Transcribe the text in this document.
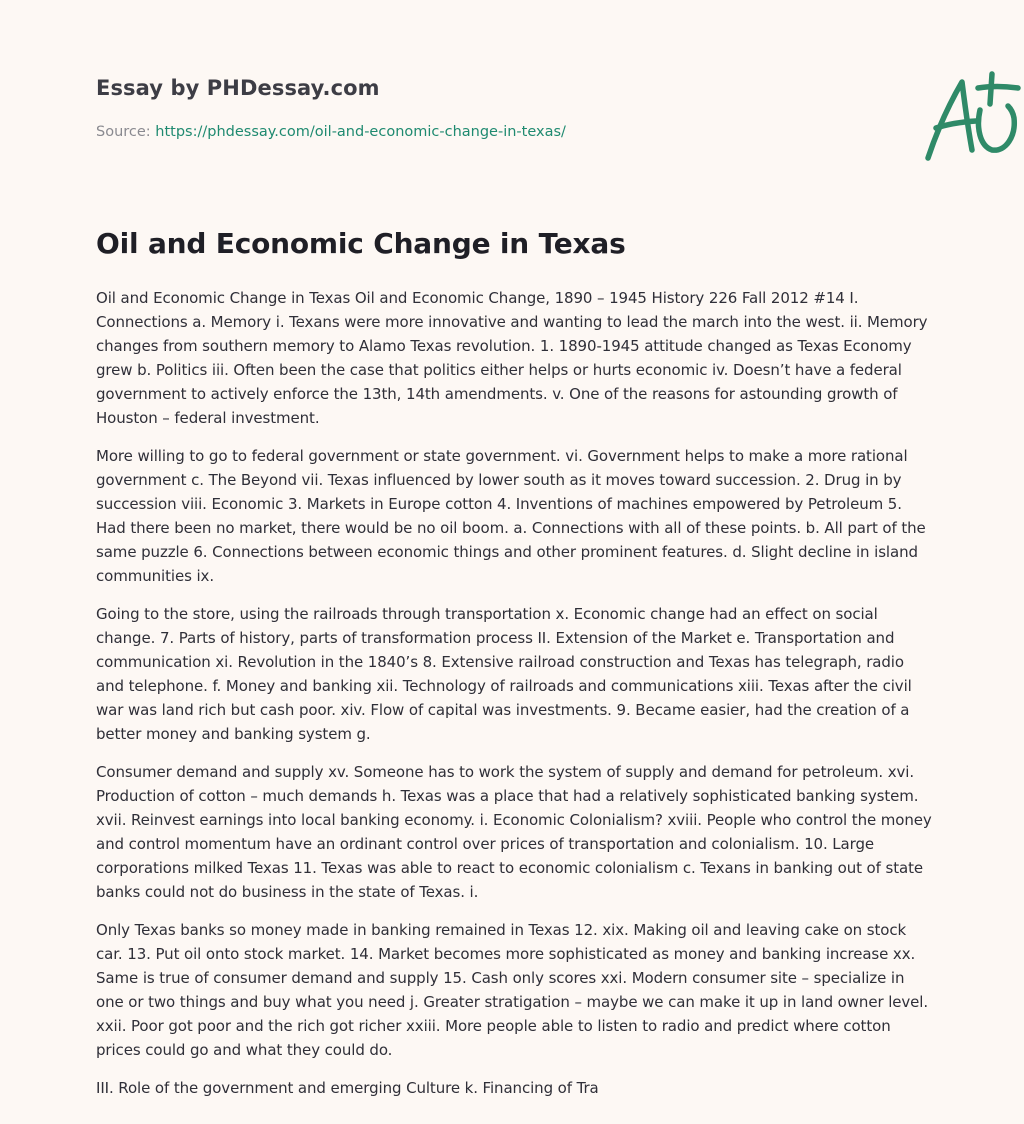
Essay by PHDessay.com
Source: https://phdessay.com/oil-and-economic-change-in-texas/
Oil and Economic Change in Texas

Oil and Economic Change in Texas Oil and Economic Change, 1890 – 1945 History 226 Fall 2012 #14 I. Connections a. Memory i. Texans were more innovative and wanting to lead the march into the west. ii. Memory changes from southern memory to Alamo Texas revolution. 1. 1890-1945 attitude changed as Texas Economy grew b. Politics iii. Often been the case that politics either helps or hurts economic iv. Doesn’t have a federal government to actively enforce the 13th, 14th amendments. v. One of the reasons for astounding growth of Houston – federal investment.

More willing to go to federal government or state government. vi. Government helps to make a more rational government c. The Beyond vii. Texas influenced by lower south as it moves toward succession. 2. Drug in by succession viii. Economic 3. Markets in Europe cotton 4. Inventions of machines empowered by Petroleum 5. Had there been no market, there would be no oil boom. a. Connections with all of these points. b. All part of the same puzzle 6. Connections between economic things and other prominent features. d. Slight decline in island communities ix.

Going to the store, using the railroads through transportation x. Economic change had an effect on social change. 7. Parts of history, parts of transformation process II. Extension of the Market e. Transportation and communication xi. Revolution in the 1840’s 8. Extensive railroad construction and Texas has telegraph, radio and telephone. f. Money and banking xii. Technology of railroads and communications xiii. Texas after the civil war was land rich but cash poor. xiv. Flow of capital was investments. 9. Became easier, had the creation of a better money and banking system g.

Consumer demand and supply xv. Someone has to work the system of supply and demand for petroleum. xvi. Production of cotton – much demands h. Texas was a place that had a relatively sophisticated banking system. xvii. Reinvest earnings into local banking economy. i. Economic Colonialism? xviii. People who control the money and control momentum have an ordinant control over prices of transportation and colonialism. 10. Large corporations milked Texas 11. Texas was able to react to economic colonialism c. Texans in banking out of state banks could not do business in the state of Texas. i.

Only Texas banks so money made in banking remained in Texas 12. xix. Making oil and leaving cake on stock car. 13. Put oil onto stock market. 14. Market becomes more sophisticated as money and banking increase xx. Same is true of consumer demand and supply 15. Cash only scores xxi. Modern consumer site – specialize in one or two things and buy what you need j. Greater stratigation – maybe we can make it up in land owner level. xxii. Poor got poor and the rich got richer xxiii. More people able to listen to radio and predict where cotton prices could go and what they could do.

III. Role of the government and emerging Culture k. Financing of Tra
